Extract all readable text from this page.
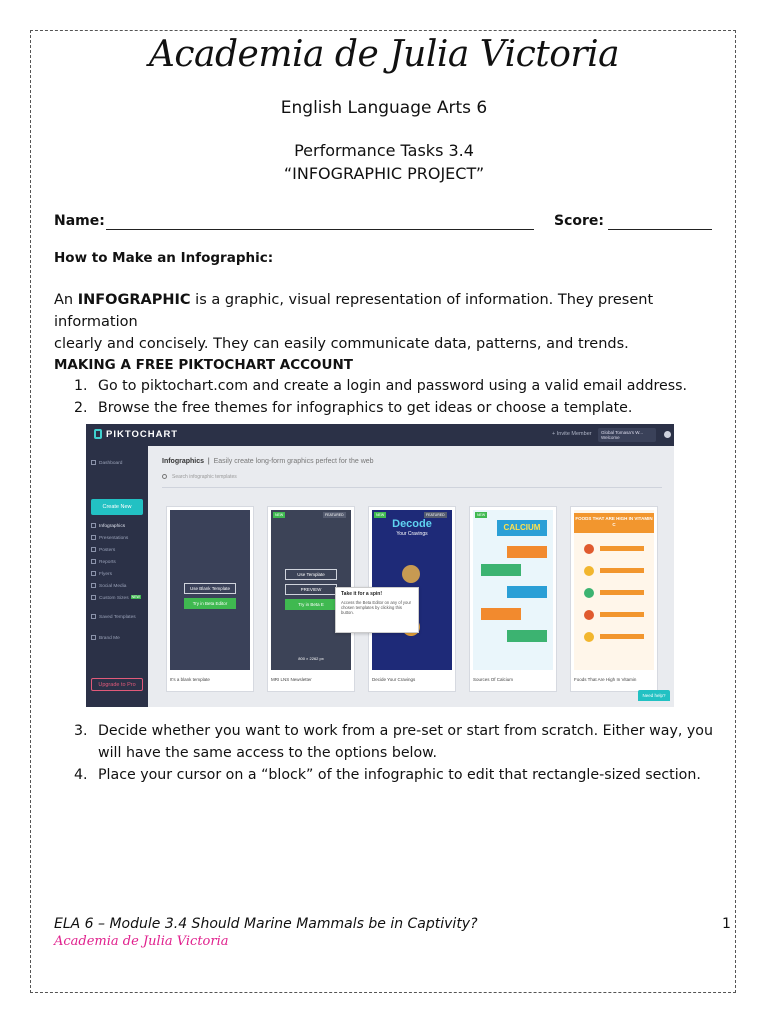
Academia de Julia Victoria
English Language Arts 6
Performance Tasks 3.4
“INFOGRAPHIC PROJECT”
Name:	Score:
How to Make an Infographic:
An INFOGRAPHIC is a graphic, visual representation of information. They present information
clearly and concisely. They can easily communicate data, patterns, and trends.
MAKING A FREE PIKTOCHART ACCOUNT
1. Go to piktochart.com and create a login and password using a valid email address.
2. Browse the free themes for infographics to get ideas or choose a template.
PIKTOCHART	+ Invite Member Global Tomasa's W...
Welcome
Dashboard
Create New
Infographics
Presentations
Posters
Reports
Flyers
Social Media
Custom Sizes NEW
Saved Templates
Brand Me
Upgrade to Pro
Infographics  |  Easily create long-form graphics perfect for the web
Search infographic templates
Use Blank Template
Try in Beta Editor
It's a blank template
NEW	FEATURED
800 × 2262 px
Use Template
PREVIEW
Try in Beta E
MRI LNS Newsletter
NEW	FEATURED
Decode
Your Cravings
Decide Your Cravings
NEW
CALCIUM
Sources Of Calcium
FOODS THAT ARE HIGH IN VITAMIN C
Foods That Are High In Vitamin
Take it for a spin!
Access the Beta Editor on any of your chosen templates by clicking this button.
Need help?
3. Decide whether you want to work from a pre-set or start from scratch. Either way, you
will have the same access to the options below.
4. Place your cursor on a “block” of the infographic to edit that rectangle-sized section.
ELA 6 – Module 3.4 Should Marine Mammals be in Captivity?	1
Academia de Julia Victoria
